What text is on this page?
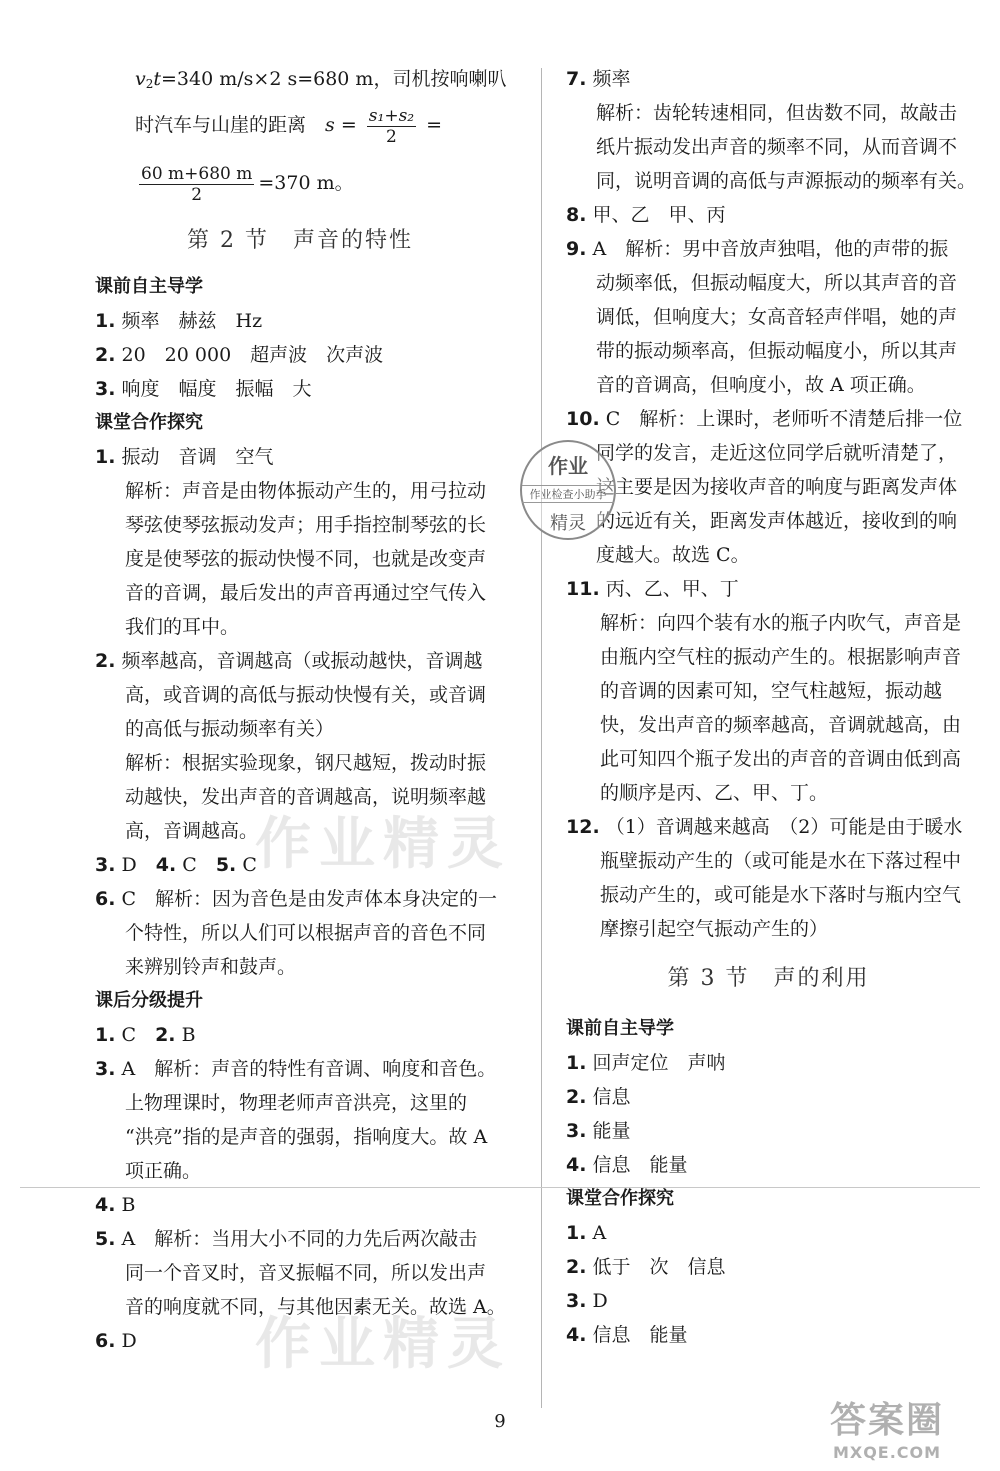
$v_2t=340$ m/s×2 s=680 m，司机按响喇叭
时汽车与山崖的距离　 $s = \frac{\text{s₁+s₂}}{2}$ =
$\frac{60 m+680 m}{2} =370$ m。
第 2 节　声音的特性
课前自主导学
1. 频率　赫兹　Hz
2. 20　20 000　超声波　次声波
3. 响度　幅度　振幅　大
课堂合作探究
1. 振动　音调　空气
解析：声音是由物体振动产生的，用弓拉动
琴弦使琴弦振动发声；用手指控制琴弦的长
度是使琴弦的振动快慢不同，也就是改变声
音的音调，最后发出的声音再通过空气传入
我们的耳中。
2. 频率越高，音调越高（或振动越快，音调越
高，或音调的高低与振动快慢有关，或音调
的高低与振动频率有关）
解析：根据实验现象，钢尺越短，拨动时振
动越快，发出声音的音调越高，说明频率越
高，音调越高。
3. D　 4. C　 5. C
6. C　解析：因为音色是由发声体本身决定的一
个特性，所以人们可以根据声音的音色不同
来辨别铃声和鼓声。
课后分级提升
1. C　 2. B
3. A　解析：声音的特性有音调、响度和音色。
上物理课时，物理老师声音洪亮，这里的
“洪亮”指的是声音的强弱，指响度大。故 A
项正确。
4. B
5. A　解析：当用大小不同的力先后两次敲击
同一个音叉时，音叉振幅不同，所以发出声
音的响度就不同，与其他因素无关。故选 A。
6. D
7. 频率
解析：齿轮转速相同，但齿数不同，故敲击
纸片振动发出声音的频率不同，从而音调不
同，说明音调的高低与声源振动的频率有关。
8. 甲、乙　甲、丙
9. A　解析：男中音放声独唱，他的声带的振
动频率低，但振动幅度大，所以其声音的音
调低，但响度大；女高音轻声伴唱，她的声
带的振动频率高，但振动幅度小，所以其声
音的音调高，但响度小，故 A 项正确。
10. C　解析：上课时，老师听不清楚后排一位
同学的发言，走近这位同学后就听清楚了，
这主要是因为接收声音的响度与距离发声体
的远近有关，距离发声体越近，接收到的响
度越大。故选 C。
11. 丙、乙、甲、丁
解析：向四个装有水的瓶子内吹气，声音是
由瓶内空气柱的振动产生的。根据影响声音
的音调的因素可知，空气柱越短，振动越
快，发出声音的频率越高，音调就越高，由
此可知四个瓶子发出的声音的音调由低到高
的顺序是丙、乙、甲、丁。
12. （1）音调越来越高　（2）可能是由于暖水
瓶壁振动产生的（或可能是水在下落过程中
振动产生的，或可能是水下落时与瓶内空气
摩擦引起空气振动产生的）
第 3 节　声的利用
课前自主导学
1. 回声定位　声呐
2. 信息
3. 能量
4. 信息　能量
课堂合作探究
1. A
2. 低于　次　信息
3. D
4. 信息　能量
作业
作业检查小助手
精灵
作业精灵
作业精灵
9	答案圈
MXQE.COM
